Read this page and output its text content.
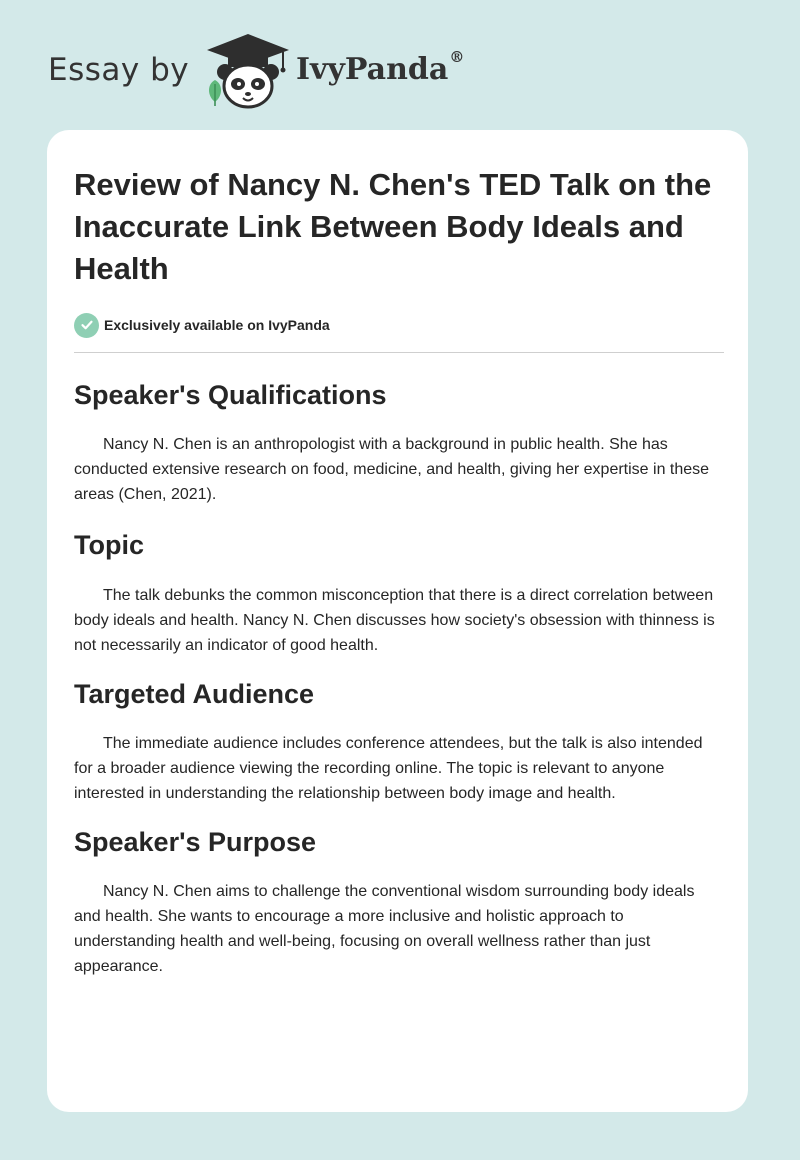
Essay by	IvyPanda®
Review of Nancy N. Chen's TED Talk on the Inaccurate Link Between Body Ideals and Health
Exclusively available on IvyPanda
Speaker's Qualifications

Nancy N. Chen is an anthropologist with a background in public health. She has conducted extensive research on food, medicine, and health, giving her expertise in these areas (Chen, 2021).

Topic

The talk debunks the common misconception that there is a direct correlation between body ideals and health. Nancy N. Chen discusses how society's obsession with thinness is not necessarily an indicator of good health.

Targeted Audience

The immediate audience includes conference attendees, but the talk is also intended for a broader audience viewing the recording online. The topic is relevant to anyone interested in understanding the relationship between body image and health.

Speaker's Purpose

Nancy N. Chen aims to challenge the conventional wisdom surrounding body ideals and health. She wants to encourage a more inclusive and holistic approach to understanding health and well-being, focusing on overall wellness rather than just appearance.
